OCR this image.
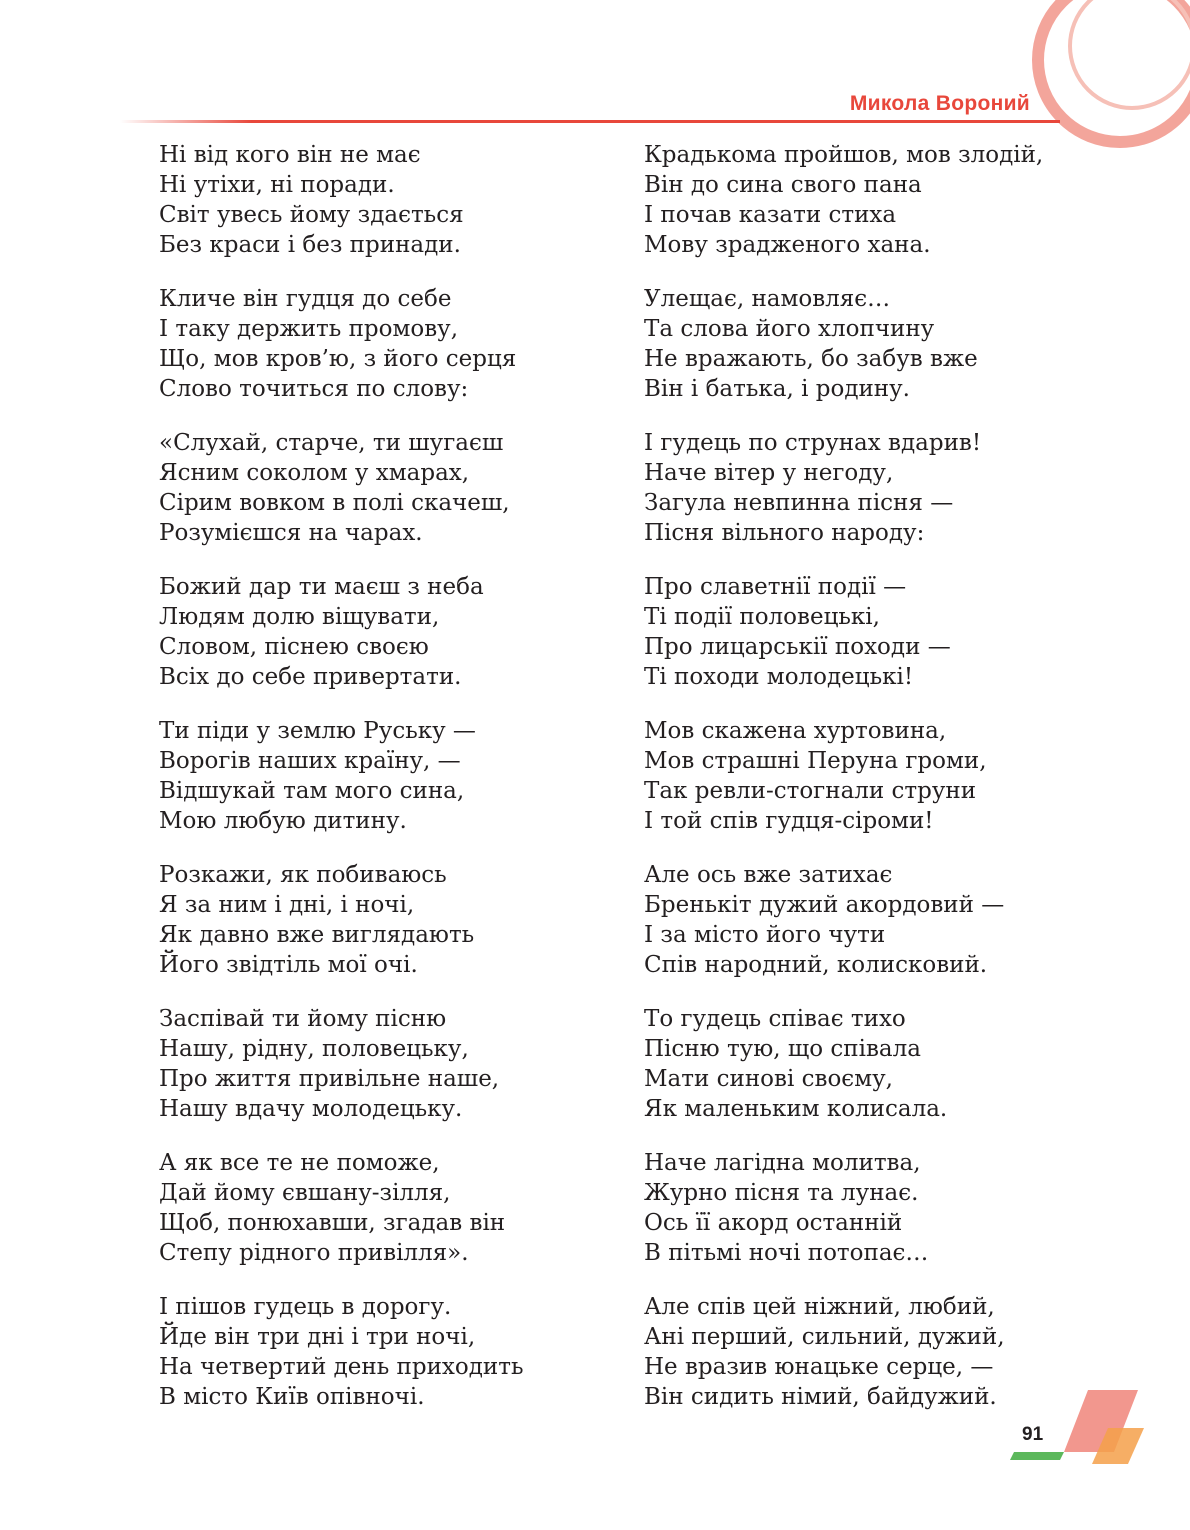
Микола Вороний
Ні від кого він не має
Ні утіхи, ні поради.
Світ увесь йому здається
Без краси і без принади.
Кличе він гудця до себе
І таку держить промову,
Що, мов кров’ю, з його серця
Слово точиться по слову:
«Слухай, старче, ти шугаєш
Ясним соколом у хмарах,
Сірим вовком в полі скачеш,
Розумієшся на чарах.
Божий дар ти маєш з неба
Людям долю віщувати,
Словом, піснею своєю
Всіх до себе привертати.
Ти піди у землю Руську —
Ворогів наших країну, —
Відшукай там мого сина,
Мою любую дитину.
Розкажи, як побиваюсь
Я за ним і дні, і ночі,
Як давно вже виглядають
Його звідтіль мої очі.
Заспівай ти йому пісню
Нашу, рідну, половецьку,
Про життя привільне наше,
Нашу вдачу молодецьку.
А як все те не поможе,
Дай йому євшану-зілля,
Щоб, понюхавши, згадав він
Степу рідного привілля».
І пішов гудець в дорогу.
Йде він три дні і три ночі,
На четвертий день приходить
В місто Київ опівночі.
Крадькома пройшов, мов злодій,
Він до сина свого пана
І почав казати стиха
Мову зрадженого хана.
Улещає, намовляє…
Та слова його хлопчину
Не вражають, бо забув вже
Він і батька, і родину.
І гудець по струнах вдарив!
Наче вітер у негоду,
Загула невпинна пісня —
Пісня вільного народу:
Про славетнії події —
Ті події половецькі,
Про лицарськії походи —
Ті походи молодецькі!
Мов скажена хуртовина,
Мов страшні Перуна громи,
Так ревли-стогнали струни
І той спів гудця-сіроми!
Але ось вже затихає
Бренькіт дужий акордовий —
І за місто його чути
Спів народний, колисковий.
То гудець співає тихо
Пісню тую, що співала
Мати синові своєму,
Як маленьким колисала.
Наче лагідна молитва,
Журно пісня та лунає.
Ось її акорд останній
В пітьмі ночі потопає…
Але спів цей ніжний, любий,
Ані перший, сильний, дужий,
Не вразив юнацьке серце, —
Він сидить німий, байдужий.
91
